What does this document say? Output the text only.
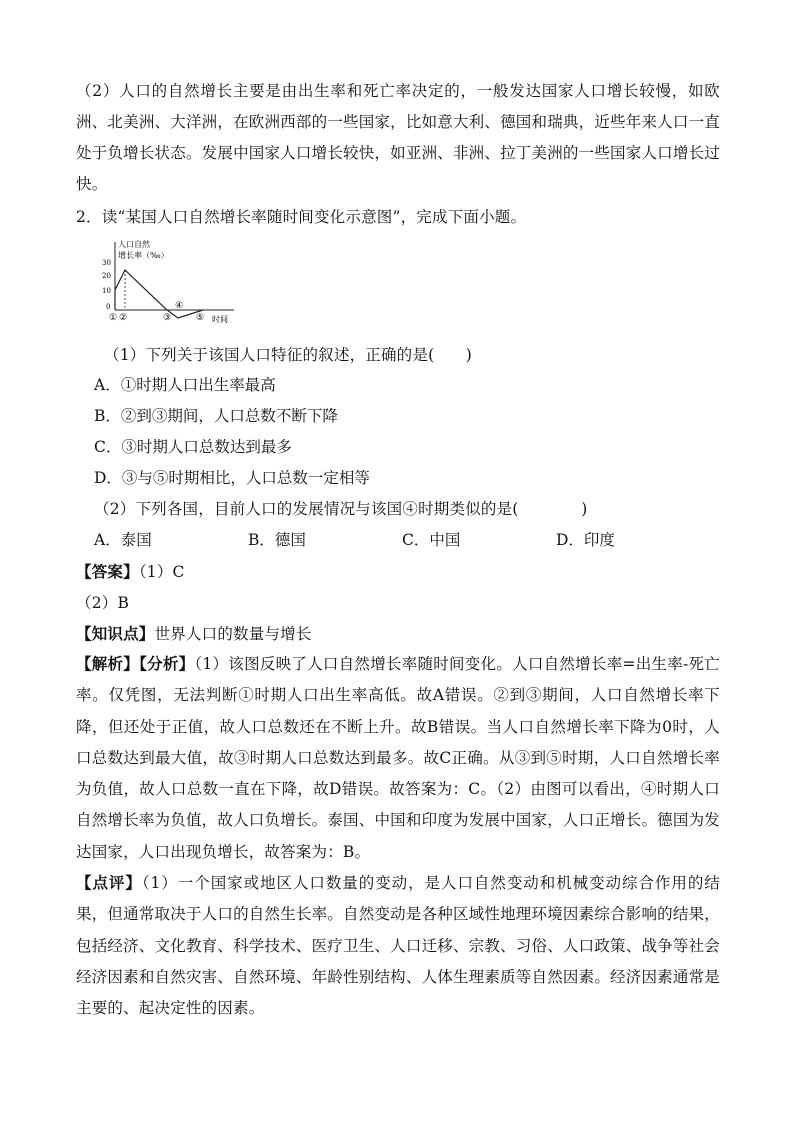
（2）人口的自然增长主要是由出生率和死亡率决定的，一般发达国家人口增长较慢，如欧洲、北美洲、大洋洲，在欧洲西部的一些国家，比如意大利、德国和瑞典，近些年来人口一直处于负增长状态。发展中国家人口增长较快，如亚洲、非洲、拉丁美洲的一些国家人口增长过快。
2．读“某国人口自然增长率随时间变化示意图”，完成下面小题。
人口自然
增长率（‰）
30
20
10
0
① ②	③
④
⑤ 时间
（1）下列关于该国人口特征的叙述，正确的是(　　)
A．①时期人口出生率最高
B．②到③期间，人口总数不断下降
C．③时期人口总数达到最多
D．③与⑤时期相比，人口总数一定相等
（2）下列各国，目前人口的发展情况与该国④时期类似的是(　　　　)
A．泰国	B．德国	C．中国	D．印度
【答案】（1）C
（2）B
【知识点】世界人口的数量与增长
【解析】【分析】（1）该图反映了人口自然增长率随时间变化。人口自然增长率=出生率-死亡率。仅凭图，无法判断①时期人口出生率高低。故A错误。②到③期间，人口自然增长率下降，但还处于正值，故人口总数还在不断上升。故B错误。当人口自然增长率下降为0时，人口总数达到最大值，故③时期人口总数达到最多。故C正确。从③到⑤时期，人口自然增长率为负值，故人口总数一直在下降，故D错误。故答案为：C。（2）由图可以看出，④时期人口自然增长率为负值，故人口负增长。泰国、中国和印度为发展中国家，人口正增长。德国为发达国家，人口出现负增长，故答案为：B。
【点评】（1）一个国家或地区人口数量的变动，是人口自然变动和机械变动综合作用的结果，但通常取决于人口的自然生长率。自然变动是各种区域性地理环境因素综合影响的结果，包括经济、文化教育、科学技术、医疗卫生、人口迁移、宗教、习俗、人口政策、战争等社会经济因素和自然灾害、自然环境、年龄性别结构、人体生理素质等自然因素。经济因素通常是主要的、起决定性的因素。
